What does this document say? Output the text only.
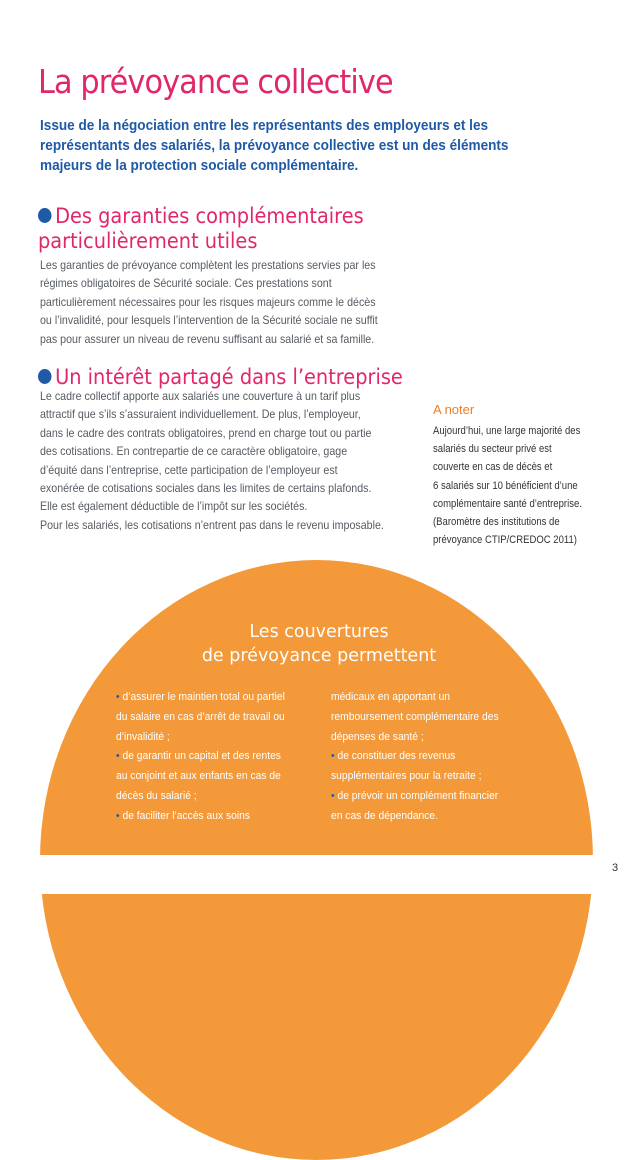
La prévoyance collective
Issue de la négociation entre les représentants des employeurs et les
représentants des salariés, la prévoyance collective est un des éléments
majeurs de la protection sociale complémentaire.
Des garanties complémentaires
particulièrement utiles
Les garanties de prévoyance complètent les prestations servies par les
régimes obligatoires de Sécurité sociale. Ces prestations sont
particulièrement nécessaires pour les risques majeurs comme le décès
ou l’invalidité, pour lesquels l’intervention de la Sécurité sociale ne suffit
pas pour assurer un niveau de revenu suffisant au salarié et sa famille.
Un intérêt partagé dans l’entreprise
Le cadre collectif apporte aux salariés une couverture à un tarif plus
attractif que s’ils s’assuraient individuellement. De plus, l’employeur,
dans le cadre des contrats obligatoires, prend en charge tout ou partie
des cotisations. En contrepartie de ce caractère obligatoire, gage
d’équité dans l’entreprise, cette participation de l’employeur est
exonérée de cotisations sociales dans les limites de certains plafonds.
Elle est également déductible de l’impôt sur les sociétés.
Pour les salariés, les cotisations n’entrent pas dans le revenu imposable.
A noter
Aujourd’hui, une large majorité des
salariés du secteur privé est
couverte en cas de décès et
6 salariés sur 10 bénéficient d’une
complémentaire santé d’entreprise.
(Baromètre des institutions de
prévoyance CTIP/CREDOC 2011)
Les couvertures
de prévoyance permettent
• d’assurer le maintien total ou partiel
du salaire en cas d’arrêt de travail ou
d’invalidité ;
• de garantir un capital et des rentes
au conjoint et aux enfants en cas de
décès du salarié ;
• de faciliter l’accès aux soins
médicaux en apportant un
remboursement complémentaire des
dépenses de santé ;
• de constituer des revenus
supplémentaires pour la retraite ;
• de prévoir un complément financier
en cas de dépendance.
3
